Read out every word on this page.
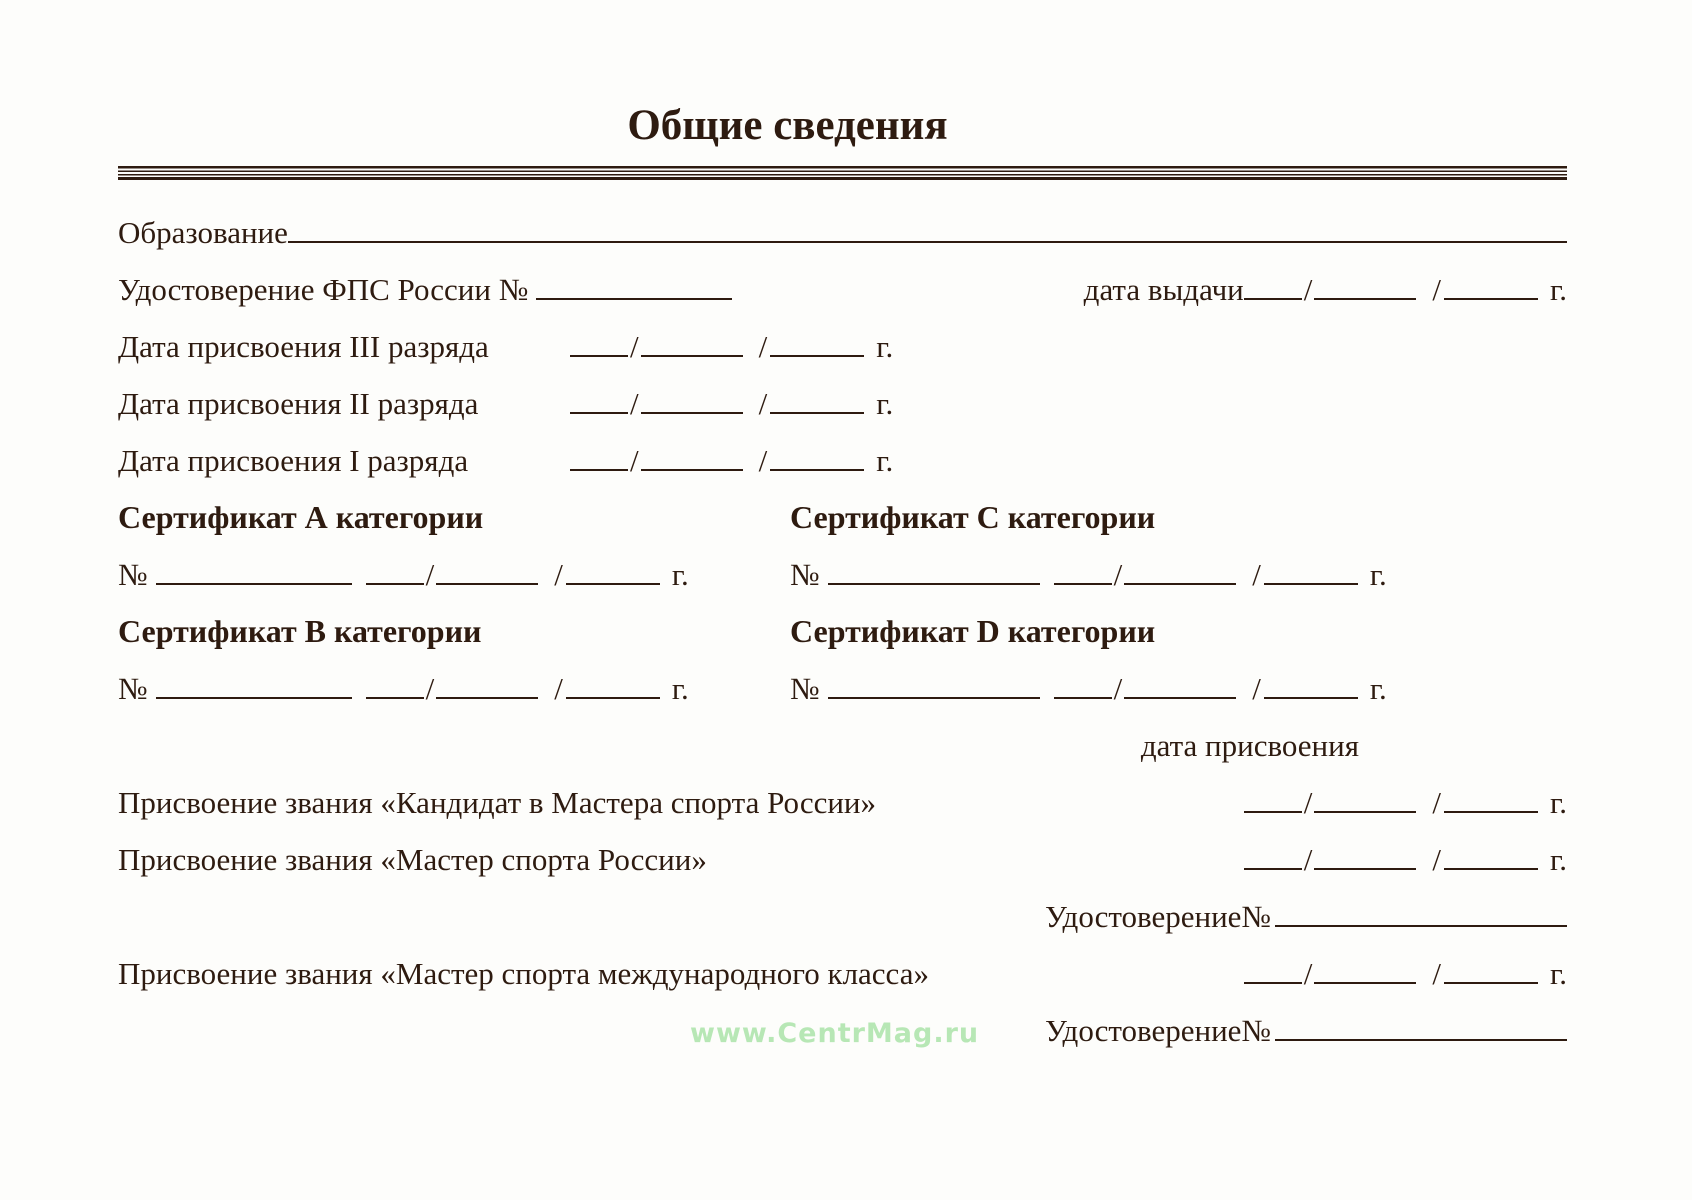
Общие сведения
Образование
Удостоверение ФПС России №	дата выдачи /	/	г.
Дата присвоения III разряда	/	/	г.
Дата присвоения II разряда	/	/	г.
Дата присвоения I разряда	/	/	г.
Сертификат А категории	Сертификат С категории
№	/	/	г.	№	/	/	г.
Сертификат В категории	Сертификат D категории
№	/	/	г.	№	/	/	г.
дата присвоения
Присвоение звания «Кандидат в Мастера спорта России»	/	/	г.
Присвоение звания «Мастер спорта России»	/	/	г.
Удостоверение№
Присвоение звания «Мастер спорта международного класса»	/	/	г.
www.CentrMag.ru Удостоверение№
